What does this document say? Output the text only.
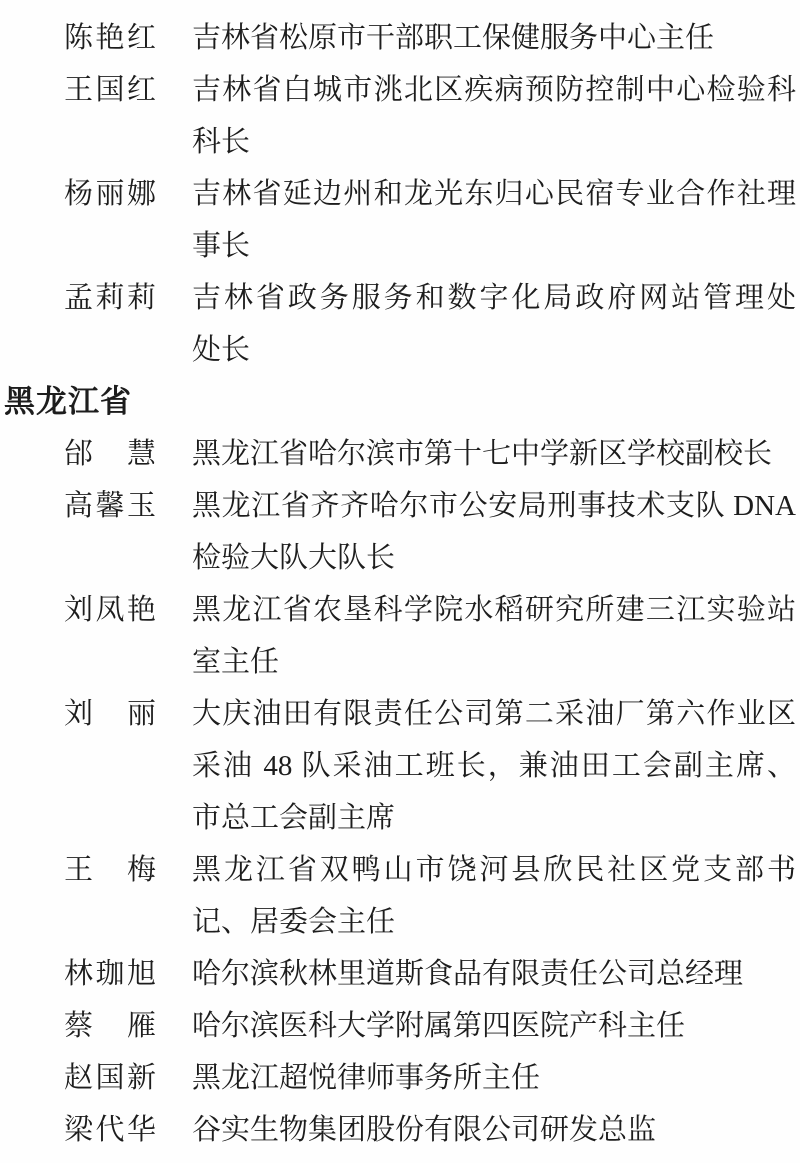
陈艳红 吉林省松原市干部职工保健服务中心主任
王国红 吉林省白城市洮北区疾病预防控制中心检验科
科长
杨丽娜 吉林省延边州和龙光东归心民宿专业合作社理
事长
孟莉莉 吉林省政务服务和数字化局政府网站管理处
处长
黑龙江省
邰　慧 黑龙江省哈尔滨市第十七中学新区学校副校长
高馨玉 黑龙江省齐齐哈尔市公安局刑事技术支队 DNA
检验大队大队长
刘凤艳 黑龙江省农垦科学院水稻研究所建三江实验站
室主任
刘　丽 大庆油田有限责任公司第二采油厂第六作业区
采油 48 队采油工班长，兼油田工会副主席、
市总工会副主席
王　梅 黑龙江省双鸭山市饶河县欣民社区党支部书
记、居委会主任
林珈旭 哈尔滨秋林里道斯食品有限责任公司总经理
蔡　雁 哈尔滨医科大学附属第四医院产科主任
赵国新 黑龙江超悦律师事务所主任
梁代华 谷实生物集团股份有限公司研发总监
